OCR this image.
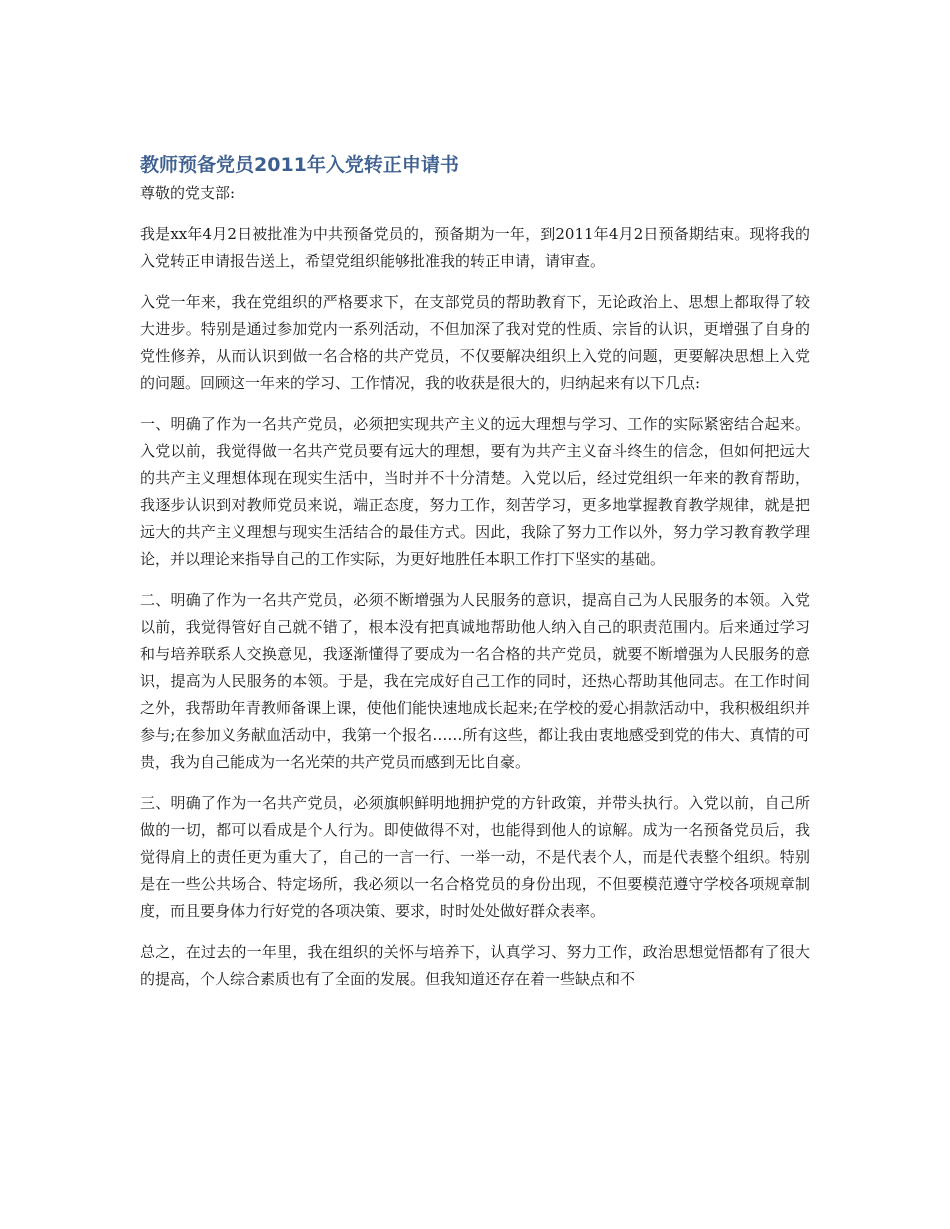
教师预备党员2011年入党转正申请书

尊敬的党支部:

我是xx年4月2日被批准为中共预备党员的，预备期为一年，到2011年4月2日预备期结束。现将我的入党转正申请报告送上，希望党组织能够批准我的转正申请，请审查。

入党一年来，我在党组织的严格要求下，在支部党员的帮助教育下，无论政治上、思想上都取得了较大进步。特别是通过参加党内一系列活动，不但加深了我对党的性质、宗旨的认识，更增强了自身的党性修养，从而认识到做一名合格的共产党员，不仅要解决组织上入党的问题，更要解决思想上入党的问题。回顾这一年来的学习、工作情况，我的收获是很大的，归纳起来有以下几点:

一、明确了作为一名共产党员，必须把实现共产主义的远大理想与学习、工作的实际紧密结合起来。入党以前，我觉得做一名共产党员要有远大的理想，要有为共产主义奋斗终生的信念，但如何把远大的共产主义理想体现在现实生活中，当时并不十分清楚。入党以后，经过党组织一年来的教育帮助，我逐步认识到对教师党员来说，端正态度，努力工作，刻苦学习，更多地掌握教育教学规律，就是把远大的共产主义理想与现实生活结合的最佳方式。因此，我除了努力工作以外，努力学习教育教学理论，并以理论来指导自己的工作实际，为更好地胜任本职工作打下坚实的基础。

二、明确了作为一名共产党员，必须不断增强为人民服务的意识，提高自己为人民服务的本领。入党以前，我觉得管好自己就不错了，根本没有把真诚地帮助他人纳入自己的职责范围内。后来通过学习和与培养联系人交换意见，我逐渐懂得了要成为一名合格的共产党员，就要不断增强为人民服务的意识，提高为人民服务的本领。于是，我在完成好自己工作的同时，还热心帮助其他同志。在工作时间之外，我帮助年青教师备课上课，使他们能快速地成长起来;在学校的爱心捐款活动中，我积极组织并参与;在参加义务献血活动中，我第一个报名……所有这些，都让我由衷地感受到党的伟大、真情的可贵，我为自己能成为一名光荣的共产党员而感到无比自豪。

三、明确了作为一名共产党员，必须旗帜鲜明地拥护党的方针政策，并带头执行。入党以前，自己所做的一切，都可以看成是个人行为。即使做得不对，也能得到他人的谅解。成为一名预备党员后，我觉得肩上的责任更为重大了，自己的一言一行、一举一动，不是代表个人，而是代表整个组织。特别是在一些公共场合、特定场所，我必须以一名合格党员的身份出现，不但要模范遵守学校各项规章制度，而且要身体力行好党的各项决策、要求，时时处处做好群众表率。

总之，在过去的一年里，我在组织的关怀与培养下，认真学习、努力工作，政治思想觉悟都有了很大的提高，个人综合素质也有了全面的发展。但我知道还存在着一些缺点和不
